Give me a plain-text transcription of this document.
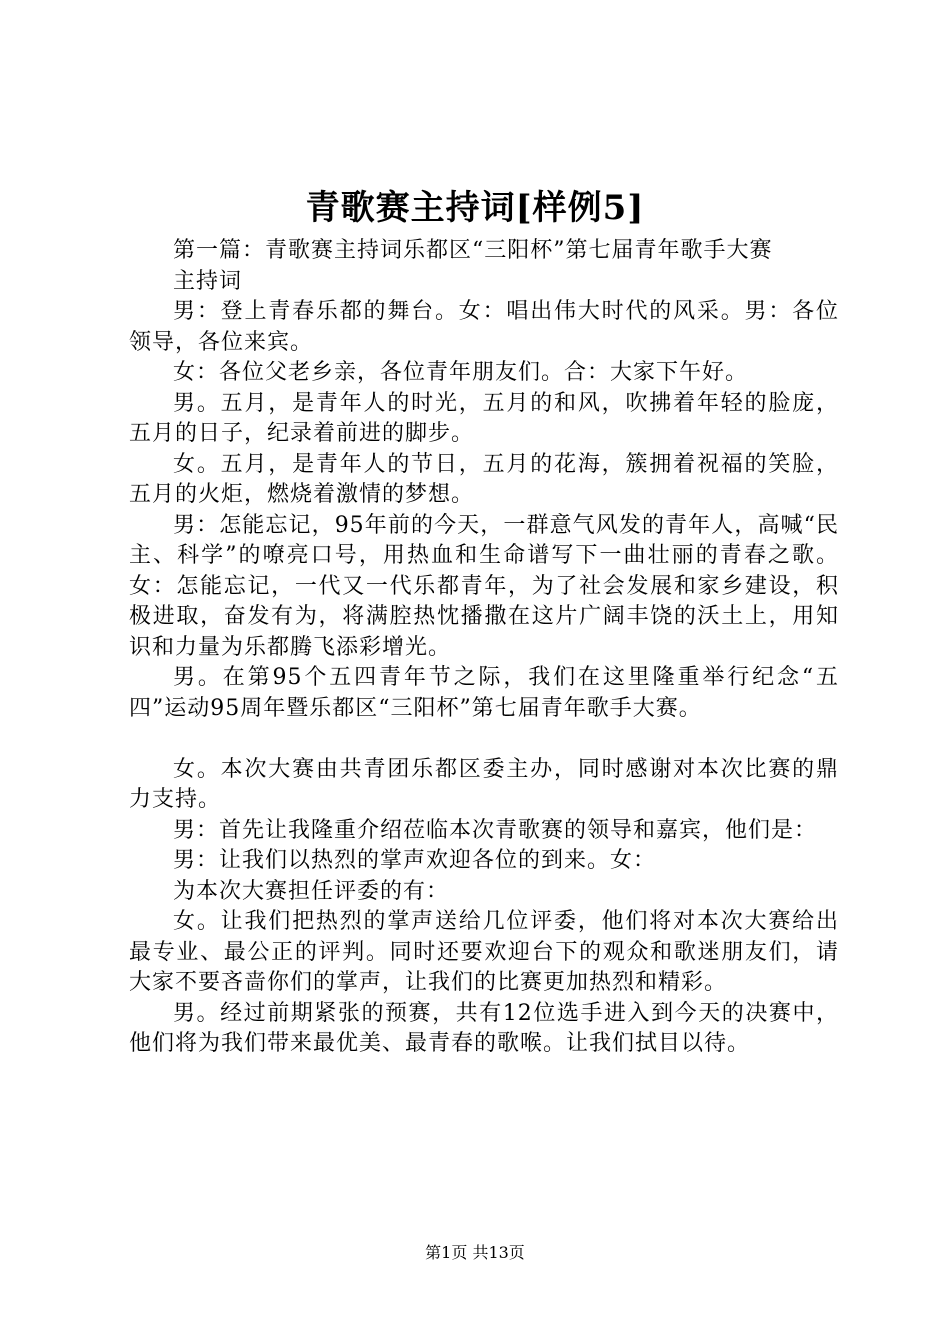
青歌赛主持词[样例5]

第一篇：青歌赛主持词乐都区“三阳杯”第七届青年歌手大赛

主持词

男：登上青春乐都的舞台。女：唱出伟大时代的风采。男：各位领导，各位来宾。

女：各位父老乡亲，各位青年朋友们。合：大家下午好。

男。五月，是青年人的时光，五月的和风，吹拂着年轻的脸庞，五月的日子，纪录着前进的脚步。

女。五月，是青年人的节日，五月的花海，簇拥着祝福的笑脸，五月的火炬，燃烧着激情的梦想。

男：怎能忘记，95年前的今天，一群意气风发的青年人，高喊“民主、科学”的嘹亮口号，用热血和生命谱写下一曲壮丽的青春之歌。女：怎能忘记，一代又一代乐都青年，为了社会发展和家乡建设，积极进取，奋发有为，将满腔热忱播撒在这片广阔丰饶的沃土上，用知识和力量为乐都腾飞添彩增光。

男。在第95个五四青年节之际，我们在这里隆重举行纪念“五四”运动95周年暨乐都区“三阳杯”第七届青年歌手大赛。

女。本次大赛由共青团乐都区委主办，同时感谢对本次比赛的鼎力支持。

男：首先让我隆重介绍莅临本次青歌赛的领导和嘉宾，他们是：

男：让我们以热烈的掌声欢迎各位的到来。女：

为本次大赛担任评委的有：

女。让我们把热烈的掌声送给几位评委，他们将对本次大赛给出最专业、最公正的评判。同时还要欢迎台下的观众和歌迷朋友们，请大家不要吝啬你们的掌声，让我们的比赛更加热烈和精彩。

男。经过前期紧张的预赛，共有12位选手进入到今天的决赛中，他们将为我们带来最优美、最青春的歌喉。让我们拭目以待。

第1页 共13页
